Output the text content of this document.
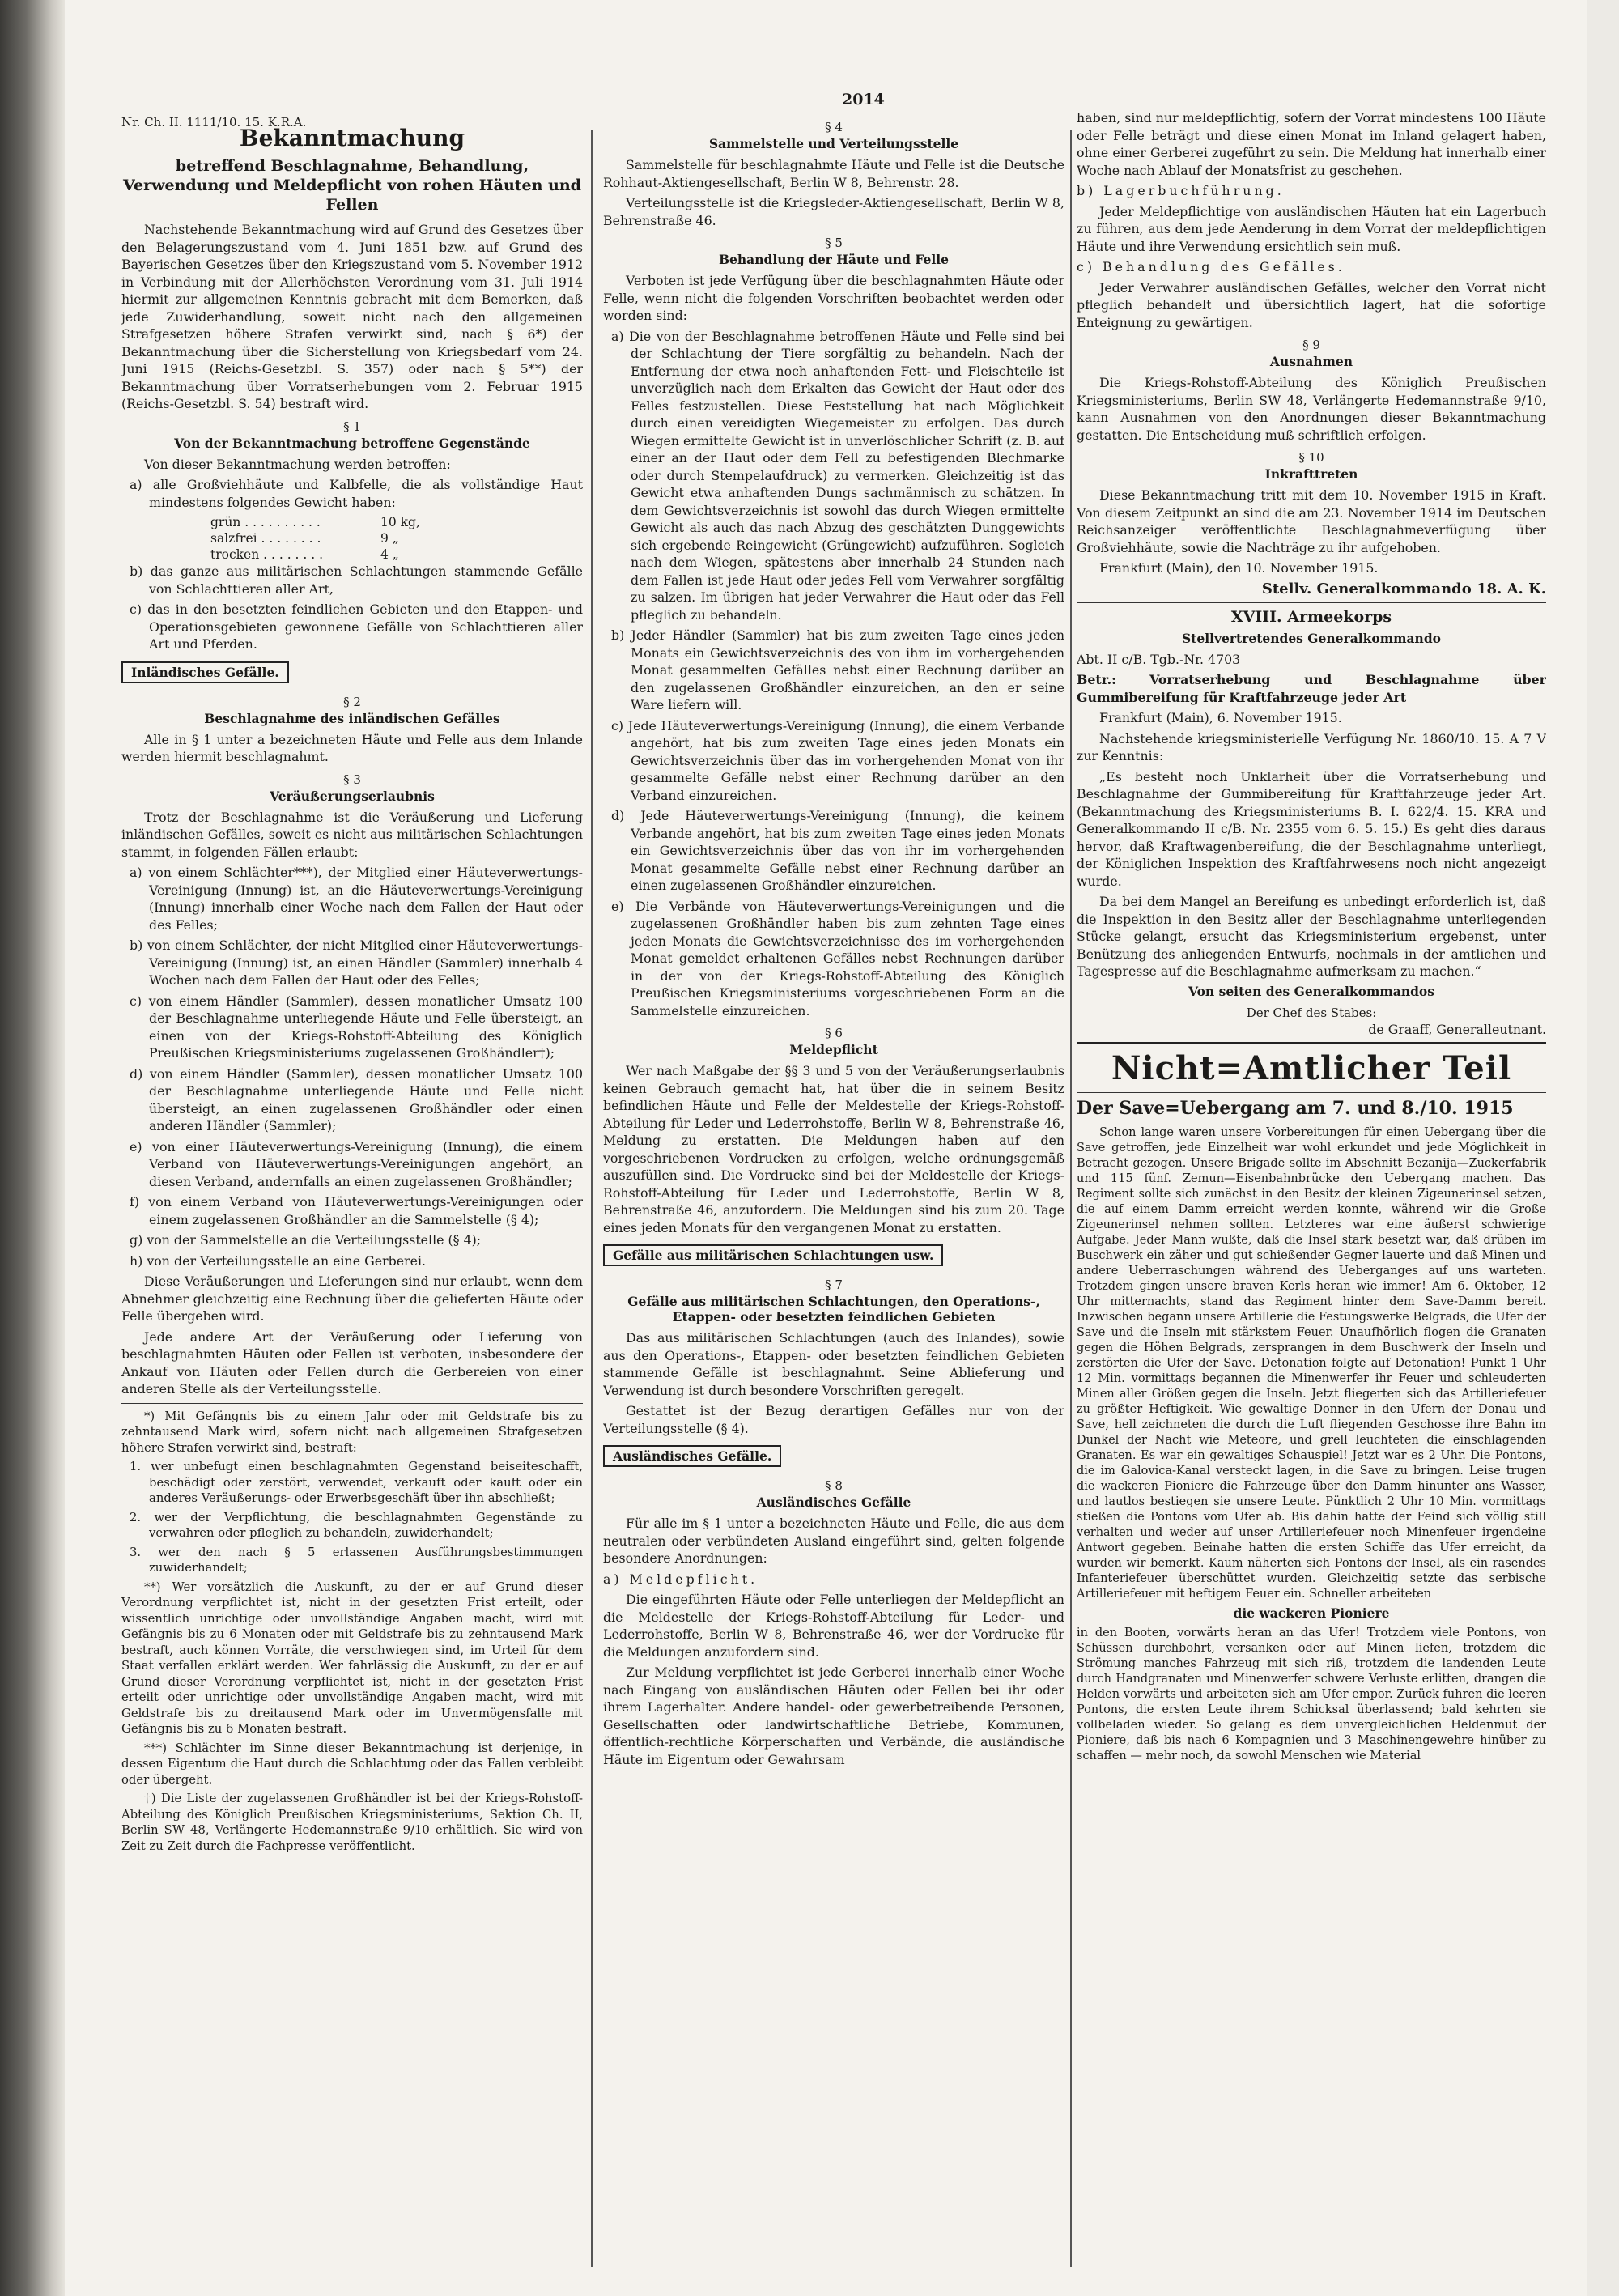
2014
Nr. Ch. II. 1111/10. 15. K.R.A.
Bekanntmachung
betreffend Beschlagnahme, Behandlung, Verwendung und Meldepflicht von rohen Häuten und Fellen

Nachstehende Bekanntmachung wird auf Grund des Gesetzes über den Belagerungszustand vom 4. Juni 1851 bzw. auf Grund des Bayerischen Gesetzes über den Kriegszustand vom 5. November 1912 in Verbindung mit der Allerhöchsten Verordnung vom 31. Juli 1914 hiermit zur allgemeinen Kenntnis gebracht mit dem Bemerken, daß jede Zuwiderhandlung, soweit nicht nach den allgemeinen Strafgesetzen höhere Strafen verwirkt sind, nach § 6*) der Bekanntmachung über die Sicherstellung von Kriegsbedarf vom 24. Juni 1915 (Reichs-Gesetzbl. S. 357) oder nach § 5**) der Bekanntmachung über Vorratserhebungen vom 2. Februar 1915 (Reichs-Gesetzbl. S. 54) bestraft wird.

§ 1
Von der Bekanntmachung betroffene Gegenstände

Von dieser Bekanntmachung werden betroffen:

a) alle Großviehhäute und Kalbfelle, die als vollständige Haut mindestens folgendes Gewicht haben:

grün . . . . . . . . . .	10 kg,
salzfrei . . . . . . . .	9 „
trocken . . . . . . . .	4 „

b) das ganze aus militärischen Schlachtungen stammende Gefälle von Schlachttieren aller Art,

c) das in den besetzten feindlichen Gebieten und den Etappen- und Operationsgebieten gewonnene Gefälle von Schlachttieren aller Art und Pferden.

Inländisches Gefälle.
§ 2
Beschlagnahme des inländischen Gefälles

Alle in § 1 unter a bezeichneten Häute und Felle aus dem Inlande werden hiermit beschlagnahmt.

§ 3
Veräußerungserlaubnis

Trotz der Beschlagnahme ist die Veräußerung und Lieferung inländischen Gefälles, soweit es nicht aus militärischen Schlachtungen stammt, in folgenden Fällen erlaubt:

a) von einem Schlächter***), der Mitglied einer Häuteverwertungs-Vereinigung (Innung) ist, an die Häuteverwertungs-Vereinigung (Innung) innerhalb einer Woche nach dem Fallen der Haut oder des Felles;

b) von einem Schlächter, der nicht Mitglied einer Häuteverwertungs-Vereinigung (Innung) ist, an einen Händler (Sammler) innerhalb 4 Wochen nach dem Fallen der Haut oder des Felles;

c) von einem Händler (Sammler), dessen monatlicher Umsatz 100 der Beschlagnahme unterliegende Häute und Felle übersteigt, an einen von der Kriegs-Rohstoff-Abteilung des Königlich Preußischen Kriegsministeriums zugelassenen Großhändler†);

d) von einem Händler (Sammler), dessen monatlicher Umsatz 100 der Beschlagnahme unterliegende Häute und Felle nicht übersteigt, an einen zugelassenen Großhändler oder einen anderen Händler (Sammler);

e) von einer Häuteverwertungs-Vereinigung (Innung), die einem Verband von Häuteverwertungs-Vereinigungen angehört, an diesen Verband, andernfalls an einen zugelassenen Großhändler;

f) von einem Verband von Häuteverwertungs-Vereinigungen oder einem zugelassenen Großhändler an die Sammelstelle (§ 4);

g) von der Sammelstelle an die Verteilungsstelle (§ 4);

h) von der Verteilungsstelle an eine Gerberei.

Diese Veräußerungen und Lieferungen sind nur erlaubt, wenn dem Abnehmer gleichzeitig eine Rechnung über die gelieferten Häute oder Felle übergeben wird.

Jede andere Art der Veräußerung oder Lieferung von beschlagnahmten Häuten oder Fellen ist verboten, insbesondere der Ankauf von Häuten oder Fellen durch die Gerbereien von einer anderen Stelle als der Verteilungsstelle.

*) Mit Gefängnis bis zu einem Jahr oder mit Geldstrafe bis zu zehntausend Mark wird, sofern nicht nach allgemeinen Strafgesetzen höhere Strafen verwirkt sind, bestraft:

1. wer unbefugt einen beschlagnahmten Gegenstand beiseiteschafft, beschädigt oder zerstört, verwendet, verkauft oder kauft oder ein anderes Veräußerungs- oder Erwerbsgeschäft über ihn abschließt;

2. wer der Verpflichtung, die beschlagnahmten Gegenstände zu verwahren oder pfleglich zu behandeln, zuwiderhandelt;

3. wer den nach § 5 erlassenen Ausführungsbestimmungen zuwiderhandelt;

**) Wer vorsätzlich die Auskunft, zu der er auf Grund dieser Verordnung verpflichtet ist, nicht in der gesetzten Frist erteilt, oder wissentlich unrichtige oder unvollständige Angaben macht, wird mit Gefängnis bis zu 6 Monaten oder mit Geldstrafe bis zu zehntausend Mark bestraft, auch können Vorräte, die verschwiegen sind, im Urteil für dem Staat verfallen erklärt werden. Wer fahrlässig die Auskunft, zu der er auf Grund dieser Verordnung verpflichtet ist, nicht in der gesetzten Frist erteilt oder unrichtige oder unvollständige Angaben macht, wird mit Geldstrafe bis zu dreitausend Mark oder im Unvermögensfalle mit Gefängnis bis zu 6 Monaten bestraft.

***) Schlächter im Sinne dieser Bekanntmachung ist derjenige, in dessen Eigentum die Haut durch die Schlachtung oder das Fallen verbleibt oder übergeht.

†) Die Liste der zugelassenen Großhändler ist bei der Kriegs-Rohstoff-Abteilung des Königlich Preußischen Kriegsministeriums, Sektion Ch. II, Berlin SW 48, Verlängerte Hedemannstraße 9/10 erhältlich. Sie wird von Zeit zu Zeit durch die Fachpresse veröffentlicht.

§ 4
Sammelstelle und Verteilungsstelle

Sammelstelle für beschlagnahmte Häute und Felle ist die Deutsche Rohhaut-Aktiengesellschaft, Berlin W 8, Behrenstr. 28.

Verteilungsstelle ist die Kriegsleder-Aktiengesellschaft, Berlin W 8, Behrenstraße 46.

§ 5
Behandlung der Häute und Felle

Verboten ist jede Verfügung über die beschlagnahmten Häute oder Felle, wenn nicht die folgenden Vorschriften beobachtet werden oder worden sind:

a) Die von der Beschlagnahme betroffenen Häute und Felle sind bei der Schlachtung der Tiere sorgfältig zu behandeln. Nach der Entfernung der etwa noch anhaftenden Fett- und Fleischteile ist unverzüglich nach dem Erkalten das Gewicht der Haut oder des Felles festzustellen. Diese Feststellung hat nach Möglichkeit durch einen vereidigten Wiegemeister zu erfolgen. Das durch Wiegen ermittelte Gewicht ist in unverlöschlicher Schrift (z. B. auf einer an der Haut oder dem Fell zu befestigenden Blechmarke oder durch Stempelaufdruck) zu vermerken. Gleichzeitig ist das Gewicht etwa anhaftenden Dungs sachmännisch zu schätzen. In dem Gewichtsverzeichnis ist sowohl das durch Wiegen ermittelte Gewicht als auch das nach Abzug des geschätzten Dunggewichts sich ergebende Reingewicht (Grüngewicht) aufzuführen. Sogleich nach dem Wiegen, spätestens aber innerhalb 24 Stunden nach dem Fallen ist jede Haut oder jedes Fell vom Verwahrer sorgfältig zu salzen. Im übrigen hat jeder Verwahrer die Haut oder das Fell pfleglich zu behandeln.

b) Jeder Händler (Sammler) hat bis zum zweiten Tage eines jeden Monats ein Gewichtsverzeichnis des von ihm im vorhergehenden Monat gesammelten Gefälles nebst einer Rechnung darüber an den zugelassenen Großhändler einzureichen, an den er seine Ware liefern will.

c) Jede Häuteverwertungs-Vereinigung (Innung), die einem Verbande angehört, hat bis zum zweiten Tage eines jeden Monats ein Gewichtsverzeichnis über das im vorhergehenden Monat von ihr gesammelte Gefälle nebst einer Rechnung darüber an den Verband einzureichen.

d) Jede Häuteverwertungs-Vereinigung (Innung), die keinem Verbande angehört, hat bis zum zweiten Tage eines jeden Monats ein Gewichtsverzeichnis über das von ihr im vorhergehenden Monat gesammelte Gefälle nebst einer Rechnung darüber an einen zugelassenen Großhändler einzureichen.

e) Die Verbände von Häuteverwertungs-Vereinigungen und die zugelassenen Großhändler haben bis zum zehnten Tage eines jeden Monats die Gewichtsverzeichnisse des im vorhergehenden Monat gemeldet erhaltenen Gefälles nebst Rechnungen darüber in der von der Kriegs-Rohstoff-Abteilung des Königlich Preußischen Kriegsministeriums vorgeschriebenen Form an die Sammelstelle einzureichen.

§ 6
Meldepflicht

Wer nach Maßgabe der §§ 3 und 5 von der Veräußerungserlaubnis keinen Gebrauch gemacht hat, hat über die in seinem Besitz befindlichen Häute und Felle der Meldestelle der Kriegs-Rohstoff-Abteilung für Leder und Lederrohstoffe, Berlin W 8, Behrenstraße 46, Meldung zu erstatten. Die Meldungen haben auf den vorgeschriebenen Vordrucken zu erfolgen, welche ordnungsgemäß auszufüllen sind. Die Vordrucke sind bei der Meldestelle der Kriegs-Rohstoff-Abteilung für Leder und Lederrohstoffe, Berlin W 8, Behrenstraße 46, anzufordern. Die Meldungen sind bis zum 20. Tage eines jeden Monats für den vergangenen Monat zu erstatten.

Gefälle aus militärischen Schlachtungen usw.
§ 7
Gefälle aus militärischen Schlachtungen, den Operations-, Etappen- oder besetzten feindlichen Gebieten

Das aus militärischen Schlachtungen (auch des Inlandes), sowie aus den Operations-, Etappen- oder besetzten feindlichen Gebieten stammende Gefälle ist beschlagnahmt. Seine Ablieferung und Verwendung ist durch besondere Vorschriften geregelt.

Gestattet ist der Bezug derartigen Gefälles nur von der Verteilungsstelle (§ 4).

Ausländisches Gefälle.
§ 8
Ausländisches Gefälle

Für alle im § 1 unter a bezeichneten Häute und Felle, die aus dem neutralen oder verbündeten Ausland eingeführt sind, gelten folgende besondere Anordnungen:

a) Meldepflicht.

Die eingeführten Häute oder Felle unterliegen der Meldepflicht an die Meldestelle der Kriegs-Rohstoff-Abteilung für Leder- und Lederrohstoffe, Berlin W 8, Behrenstraße 46, wer der Vordrucke für die Meldungen anzufordern sind.

Zur Meldung verpflichtet ist jede Gerberei innerhalb einer Woche nach Eingang von ausländischen Häuten oder Fellen bei ihr oder ihrem Lagerhalter. Andere handel- oder gewerbetreibende Personen, Gesellschaften oder landwirtschaftliche Betriebe, Kommunen, öffentlich-rechtliche Körperschaften und Verbände, die ausländische Häute im Eigentum oder Gewahrsam

haben, sind nur meldepflichtig, sofern der Vorrat mindestens 100 Häute oder Felle beträgt und diese einen Monat im Inland gelagert haben, ohne einer Gerberei zugeführt zu sein. Die Meldung hat innerhalb einer Woche nach Ablauf der Monatsfrist zu geschehen.

b) Lagerbuchführung.

Jeder Meldepflichtige von ausländischen Häuten hat ein Lagerbuch zu führen, aus dem jede Aenderung in dem Vorrat der meldepflichtigen Häute und ihre Verwendung ersichtlich sein muß.

c) Behandlung des Gefälles.

Jeder Verwahrer ausländischen Gefälles, welcher den Vorrat nicht pfleglich behandelt und übersichtlich lagert, hat die sofortige Enteignung zu gewärtigen.

§ 9
Ausnahmen

Die Kriegs-Rohstoff-Abteilung des Königlich Preußischen Kriegsministeriums, Berlin SW 48, Verlängerte Hedemannstraße 9/10, kann Ausnahmen von den Anordnungen dieser Bekanntmachung gestatten. Die Entscheidung muß schriftlich erfolgen.

§ 10
Inkrafttreten

Diese Bekanntmachung tritt mit dem 10. November 1915 in Kraft. Von diesem Zeitpunkt an sind die am 23. November 1914 im Deutschen Reichsanzeiger veröffentlichte Beschlagnahmeverfügung über Großviehhäute, sowie die Nachträge zu ihr aufgehoben.

Frankfurt (Main), den 10. November 1915.

Stellv. Generalkommando 18. A. K.
XVIII. Armeekorps
Stellvertretendes Generalkommando

Abt. II c/B. Tgb.-Nr. 4703

Betr.:	Vorratserhebung und Beschlagnahme über Gummibereifung für Kraftfahrzeuge jeder Art

Frankfurt (Main), 6. November 1915.

Nachstehende kriegsministerielle Verfügung Nr. 1860/10. 15. A 7 V zur Kenntnis:

„Es besteht noch Unklarheit über die Vorratserhebung und Beschlagnahme der Gummibereifung für Kraftfahrzeuge jeder Art. (Bekanntmachung des Kriegsministeriums B. I. 622/4. 15. KRA und Generalkommando II c/B. Nr. 2355 vom 6. 5. 15.) Es geht dies daraus hervor, daß Kraftwagenbereifung, die der Beschlagnahme unterliegt, der Königlichen Inspektion des Kraftfahrwesens noch nicht angezeigt wurde.

Da bei dem Mangel an Bereifung es unbedingt erforderlich ist, daß die Inspektion in den Besitz aller der Beschlagnahme unterliegenden Stücke gelangt, ersucht das Kriegsministerium ergebenst, unter Benützung des anliegenden Entwurfs, nochmals in der amtlichen und Tagespresse auf die Beschlagnahme aufmerksam zu machen.“

Von seiten des Generalkommandos
Der Chef des Stabes:
de Graaff, Generalleutnant.
Nicht=Amtlicher Teil
Der Save=Uebergang am 7. und 8./10. 1915

Schon lange waren unsere Vorbereitungen für einen Uebergang über die Save getroffen, jede Einzelheit war wohl erkundet und jede Möglichkeit in Betracht gezogen. Unsere Brigade sollte im Abschnitt Bezanija—Zuckerfabrik und 115 fünf. Zemun—Eisenbahnbrücke den Uebergang machen. Das Regiment sollte sich zunächst in den Besitz der kleinen Zigeunerinsel setzen, die auf einem Damm erreicht werden konnte, während wir die Große Zigeunerinsel nehmen sollten. Letzteres war eine äußerst schwierige Aufgabe. Jeder Mann wußte, daß die Insel stark besetzt war, daß drüben im Buschwerk ein zäher und gut schießender Gegner lauerte und daß Minen und andere Ueberraschungen während des Ueberganges auf uns warteten. Trotzdem gingen unsere braven Kerls heran wie immer! Am 6. Oktober, 12 Uhr mitternachts, stand das Regiment hinter dem Save-Damm bereit. Inzwischen begann unsere Artillerie die Festungswerke Belgrads, die Ufer der Save und die Inseln mit stärkstem Feuer. Unaufhörlich flogen die Granaten gegen die Höhen Belgrads, zersprangen in dem Buschwerk der Inseln und zerstörten die Ufer der Save. Detonation folgte auf Detonation! Punkt 1 Uhr 12 Min. vormittags begannen die Minenwerfer ihr Feuer und schleuderten Minen aller Größen gegen die Inseln. Jetzt fliegerten sich das Artilleriefeuer zu größter Heftigkeit. Wie gewaltige Donner in den Ufern der Donau und Save, hell zeichneten die durch die Luft fliegenden Geschosse ihre Bahn im Dunkel der Nacht wie Meteore, und grell leuchteten die einschlagenden Granaten. Es war ein gewaltiges Schauspiel! Jetzt war es 2 Uhr. Die Pontons, die im Galovica-Kanal versteckt lagen, in die Save zu bringen. Leise trugen die wackeren Pioniere die Fahrzeuge über den Damm hinunter ans Wasser, und lautlos bestiegen sie unsere Leute. Pünktlich 2 Uhr 10 Min. vormittags stießen die Pontons vom Ufer ab. Bis dahin hatte der Feind sich völlig still verhalten und weder auf unser Artilleriefeuer noch Minenfeuer irgendeine Antwort gegeben. Beinahe hatten die ersten Schiffe das Ufer erreicht, da wurden wir bemerkt. Kaum näherten sich Pontons der Insel, als ein rasendes Infanteriefeuer überschüttet wurden. Gleichzeitig setzte das serbische Artilleriefeuer mit heftigem Feuer ein. Schneller arbeiteten

die wackeren Pioniere

in den Booten, vorwärts heran an das Ufer! Trotzdem viele Pontons, von Schüssen durchbohrt, versanken oder auf Minen liefen, trotzdem die Strömung manches Fahrzeug mit sich riß, trotzdem die landenden Leute durch Handgranaten und Minenwerfer schwere Verluste erlitten, drangen die Helden vorwärts und arbeiteten sich am Ufer empor. Zurück fuhren die leeren Pontons, die ersten Leute ihrem Schicksal überlassend; bald kehrten sie vollbeladen wieder. So gelang es dem unvergleichlichen Heldenmut der Pioniere, daß bis nach 6 Kompagnien und 3 Maschinengewehre hinüber zu schaffen — mehr noch, da sowohl Menschen wie Material
